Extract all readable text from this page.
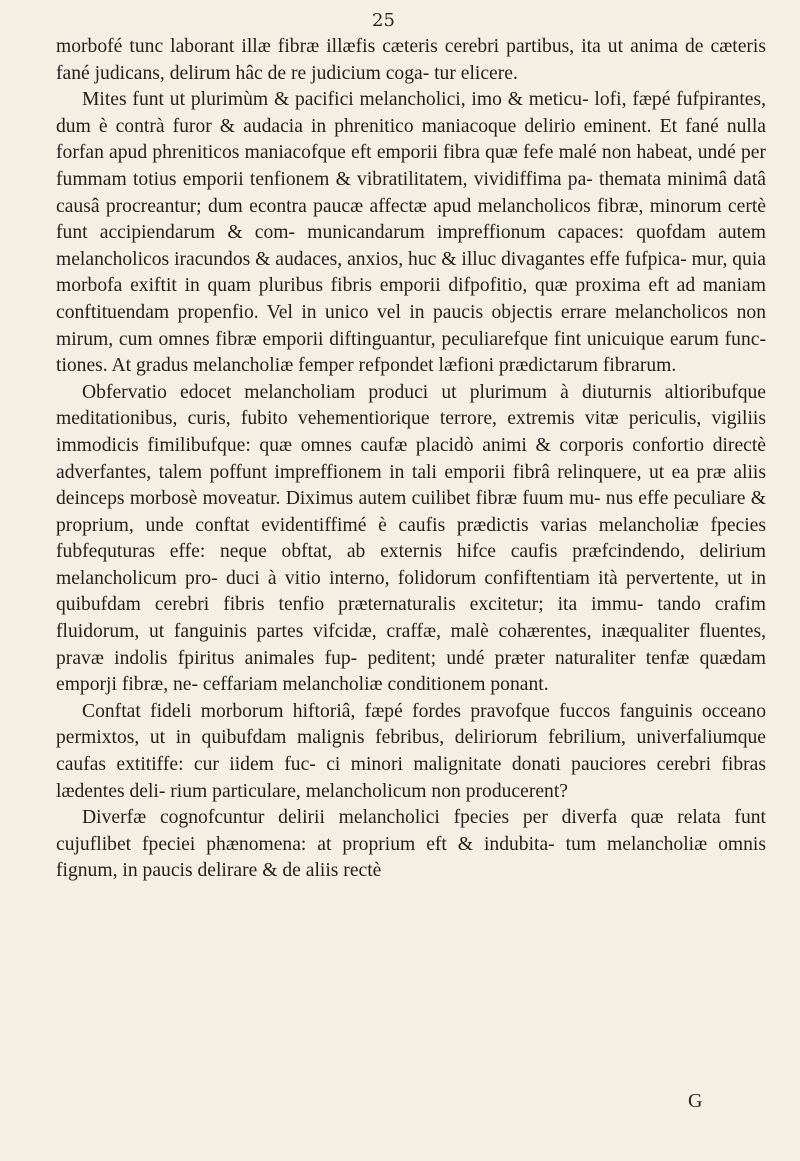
25

morbofé tunc laborant illæ fibræ illæfis cæteris cerebri partibus, ita ut anima de cæteris fané judicans, delirum hâc de re judicium coga- tur elicere.

Mites funt ut plurimùm & pacifici melancholici, imo & meticu- lofi, fæpé fufpirantes, dum è contrà furor & audacia in phrenitico maniacoque delirio eminent. Et fané nulla forfan apud phreniticos maniacofque eft emporii fibra quæ fefe malé non habeat, undé per fummam totius emporii tenfionem & vibratilitatem, vividiffima pa- themata minimâ datâ causâ procreantur; dum econtra paucæ affectæ apud melancholicos fibræ, minorum certè funt accipiendarum & com- municandarum impreffionum capaces: quofdam autem melancholicos iracundos & audaces, anxios, huc & illuc divagantes effe fufpica- mur, quia morbofa exiftit in quam pluribus fibris emporii difpofitio, quæ proxima eft ad maniam conftituendam propenfio. Vel in unico vel in paucis objectis errare melancholicos non mirum, cum omnes fibræ emporii diftinguantur, peculiarefque fint unicuique earum func- tiones. At gradus melancholiæ femper refpondet læfioni prædictarum fibrarum.

Obfervatio edocet melancholiam produci ut plurimum à diuturnis altioribufque meditationibus, curis, fubito vehementiorique terrore, extremis vitæ periculis, vigiliis immodicis fimilibufque: quæ omnes caufæ placidò animi & corporis confortio directè adverfantes, talem poffunt impreffionem in tali emporii fibrâ relinquere, ut ea præ aliis deinceps morbosè moveatur. Diximus autem cuilibet fibræ fuum mu- nus effe peculiare & proprium, unde conftat evidentiffimé è caufis prædictis varias melancholiæ fpecies fubfequturas effe: neque obftat, ab externis hifce caufis præfcindendo, delirium melancholicum pro- duci à vitio interno, folidorum confiftentiam ità pervertente, ut in quibufdam cerebri fibris tenfio præternaturalis excitetur; ita immu- tando crafim fluidorum, ut fanguinis partes vifcidæ, craffæ, malè cohærentes, inæqualiter fluentes, pravæ indolis fpiritus animales fup- peditent; undé præter naturaliter tenfæ quædam emporji fibræ, ne- ceffariam melancholiæ conditionem ponant.

Conftat fideli morborum hiftoriâ, fæpé fordes pravofque fuccos fanguinis occeano permixtos, ut in quibufdam malignis febribus, deliriorum febrilium, univerfaliumque caufas extitiffe: cur iidem fuc- ci minori malignitate donati pauciores cerebri fibras lædentes deli- rium particulare, melancholicum non producerent?

Diverfæ cognofcuntur delirii melancholici fpecies per diverfa quæ relata funt cujuflibet fpeciei phænomena: at proprium eft & indubita- tum melancholiæ omnis fignum, in paucis delirare & de aliis rectè

G
